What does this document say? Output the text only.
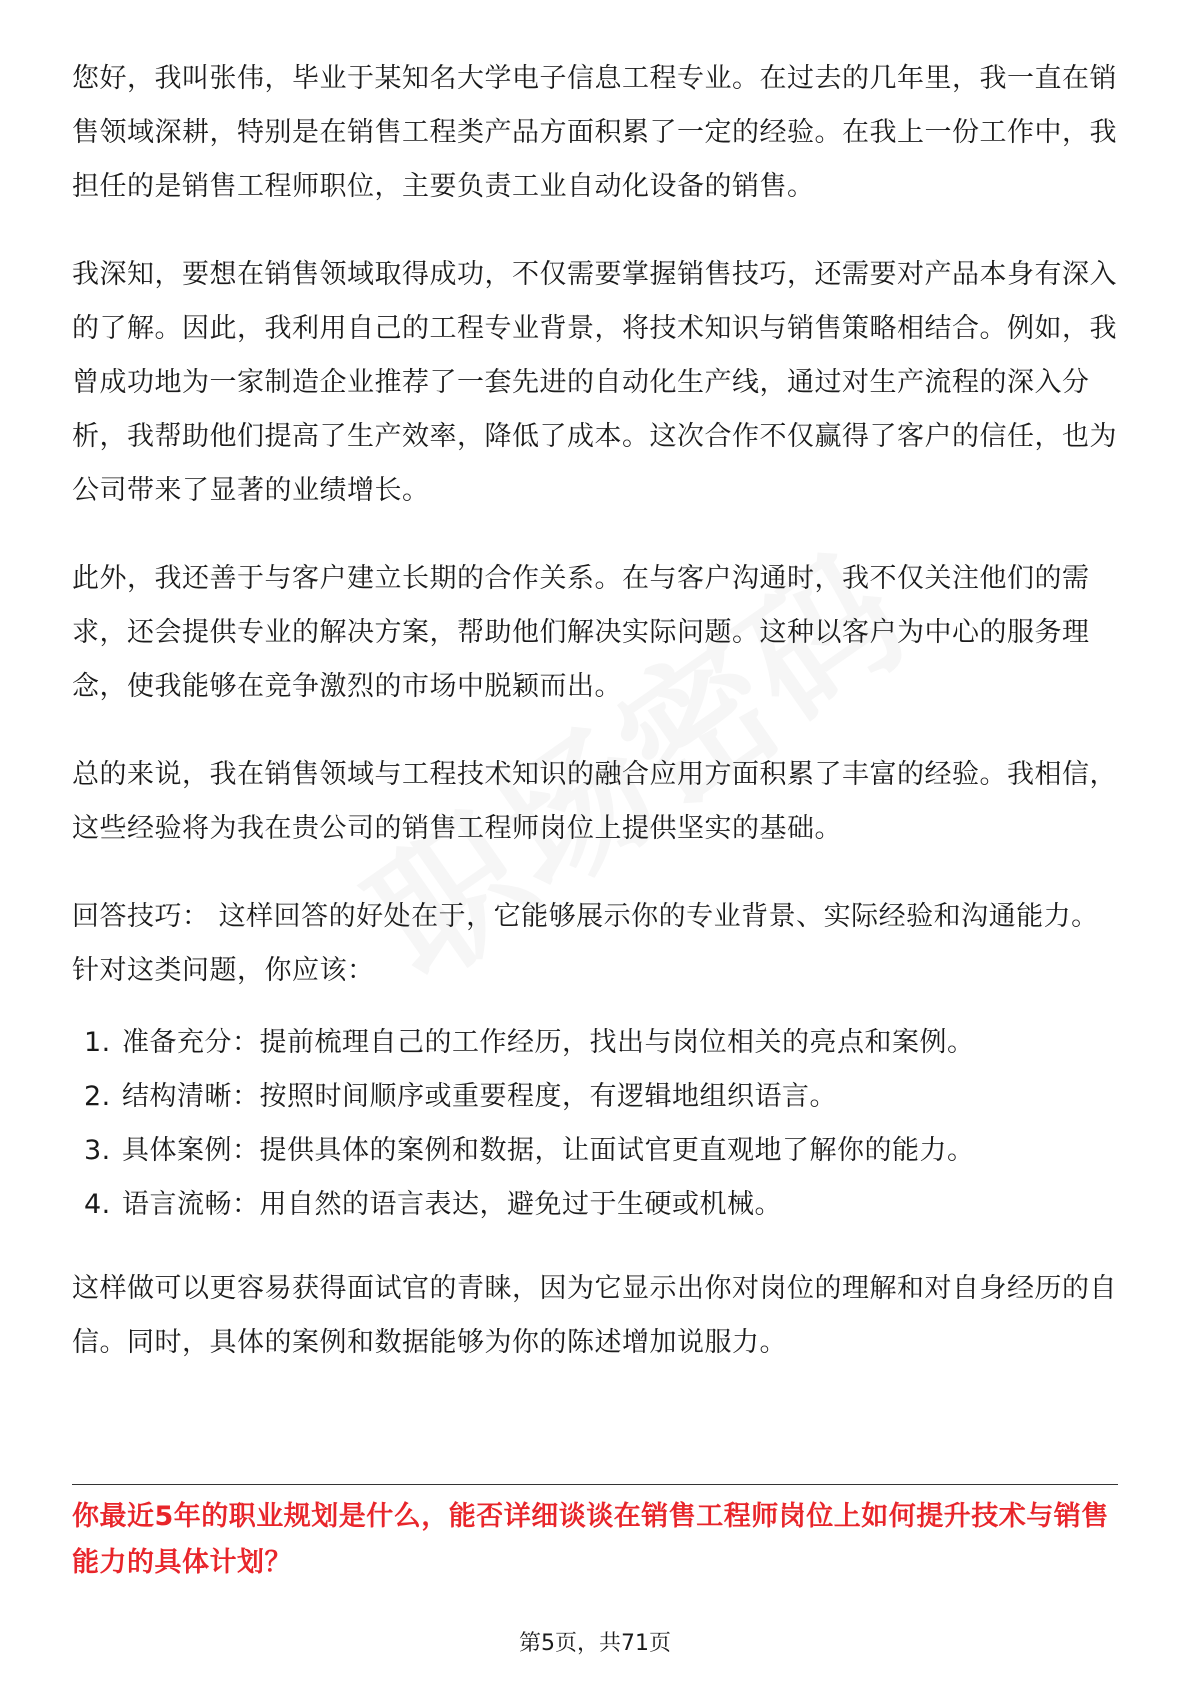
您好，我叫张伟，毕业于某知名大学电子信息工程专业。在过去的几年里，我一直在销售领域深耕，特别是在销售工程类产品方面积累了一定的经验。在我上一份工作中，我担任的是销售工程师职位，主要负责工业自动化设备的销售。

我深知，要想在销售领域取得成功，不仅需要掌握销售技巧，还需要对产品本身有深入的了解。因此，我利用自己的工程专业背景，将技术知识与销售策略相结合。例如，我曾成功地为一家制造企业推荐了一套先进的自动化生产线，通过对生产流程的深入分析，我帮助他们提高了生产效率，降低了成本。这次合作不仅赢得了客户的信任，也为公司带来了显著的业绩增长。

此外，我还善于与客户建立长期的合作关系。在与客户沟通时，我不仅关注他们的需求，还会提供专业的解决方案，帮助他们解决实际问题。这种以客户为中心的服务理念，使我能够在竞争激烈的市场中脱颖而出。

总的来说，我在销售领域与工程技术知识的融合应用方面积累了丰富的经验。我相信，这些经验将为我在贵公司的销售工程师岗位上提供坚实的基础。

回答技巧： 这样回答的好处在于，它能够展示你的专业背景、实际经验和沟通能力。针对这类问题，你应该：

1. 准备充分：提前梳理自己的工作经历，找出与岗位相关的亮点和案例。
2. 结构清晰：按照时间顺序或重要程度，有逻辑地组织语言。
3. 具体案例：提供具体的案例和数据，让面试官更直观地了解你的能力。
4. 语言流畅：用自然的语言表达，避免过于生硬或机械。

这样做可以更容易获得面试官的青睐，因为它显示出你对岗位的理解和对自身经历的自信。同时，具体的案例和数据能够为你的陈述增加说服力。

你最近5年的职业规划是什么，能否详细谈谈在销售工程师岗位上如何提升技术与销售能力的具体计划？

第5页，共71页
